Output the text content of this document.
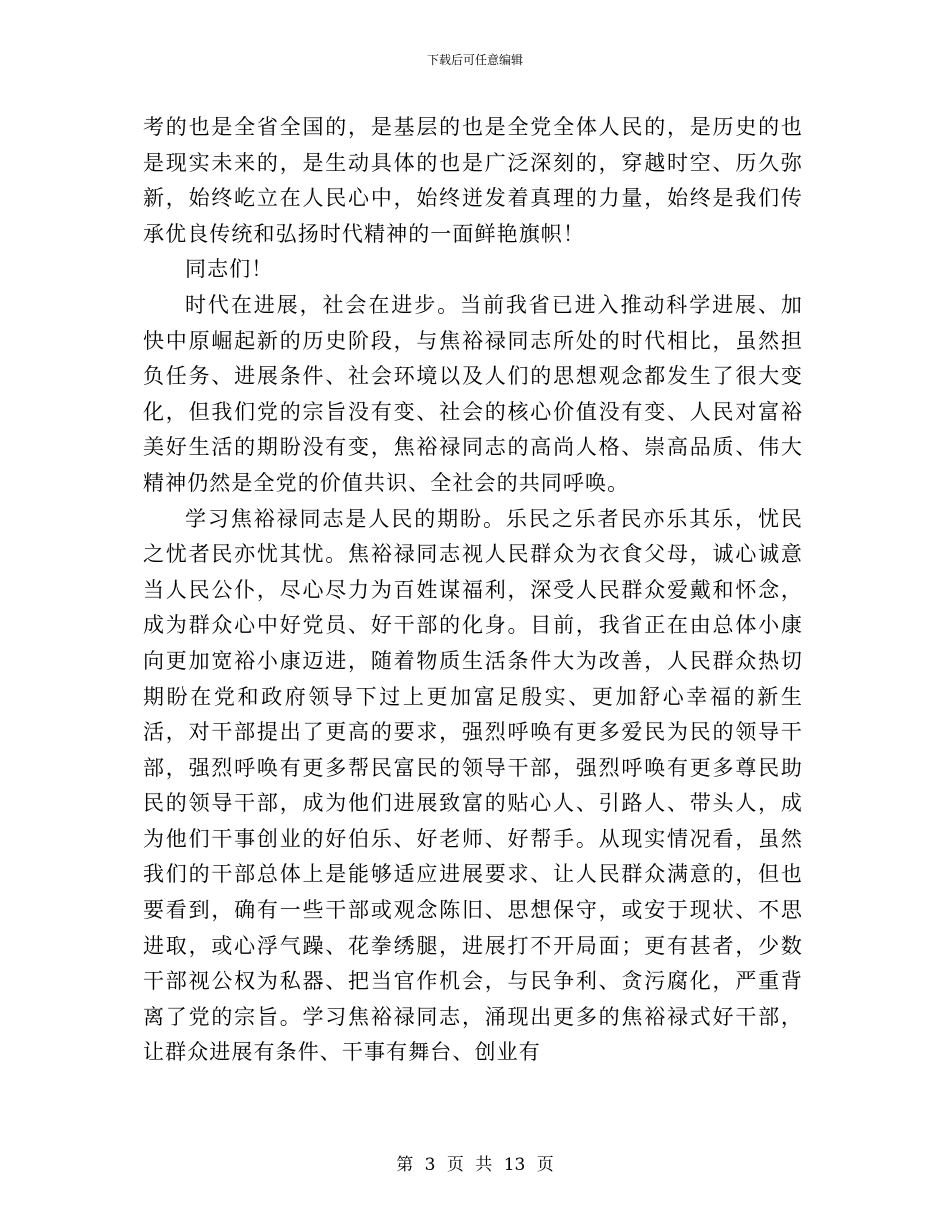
下载后可任意编辑

考的也是全省全国的，是基层的也是全党全体人民的，是历史的也是现实未来的，是生动具体的也是广泛深刻的，穿越时空、历久弥新，始终屹立在人民心中，始终迸发着真理的力量，始终是我们传承优良传统和弘扬时代精神的一面鲜艳旗帜！

同志们！

时代在进展，社会在进步。当前我省已进入推动科学进展、加快中原崛起新的历史阶段，与焦裕禄同志所处的时代相比，虽然担负任务、进展条件、社会环境以及人们的思想观念都发生了很大变化，但我们党的宗旨没有变、社会的核心价值没有变、人民对富裕美好生活的期盼没有变，焦裕禄同志的高尚人格、崇高品质、伟大精神仍然是全党的价值共识、全社会的共同呼唤。

学习焦裕禄同志是人民的期盼。乐民之乐者民亦乐其乐，忧民之忧者民亦忧其忧。焦裕禄同志视人民群众为衣食父母，诚心诚意当人民公仆，尽心尽力为百姓谋福利，深受人民群众爱戴和怀念，成为群众心中好党员、好干部的化身。目前，我省正在由总体小康向更加宽裕小康迈进，随着物质生活条件大为改善，人民群众热切期盼在党和政府领导下过上更加富足殷实、更加舒心幸福的新生活，对干部提出了更高的要求，强烈呼唤有更多爱民为民的领导干部，强烈呼唤有更多帮民富民的领导干部，强烈呼唤有更多尊民助民的领导干部，成为他们进展致富的贴心人、引路人、带头人，成为他们干事创业的好伯乐、好老师、好帮手。从现实情况看，虽然我们的干部总体上是能够适应进展要求、让人民群众满意的，但也要看到，确有一些干部或观念陈旧、思想保守，或安于现状、不思进取，或心浮气躁、花拳绣腿，进展打不开局面；更有甚者，少数干部视公权为私器、把当官作机会，与民争利、贪污腐化，严重背离了党的宗旨。学习焦裕禄同志，涌现出更多的焦裕禄式好干部，让群众进展有条件、干事有舞台、创业有

第 3 页 共 13 页
